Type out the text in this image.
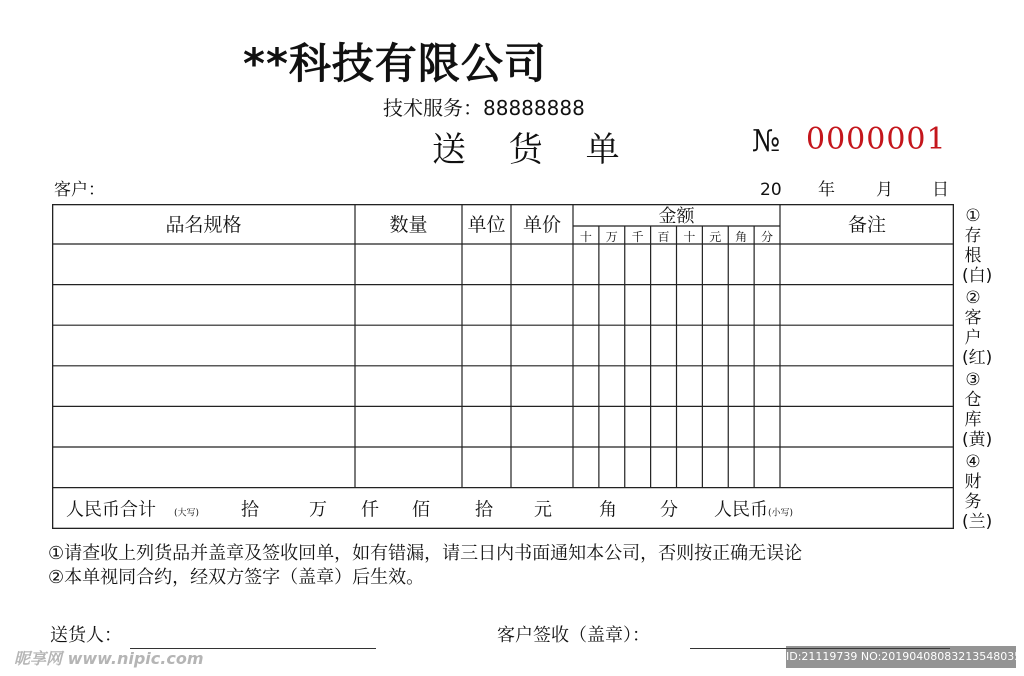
**科技有限公司
技术服务：88888888
送 货 单	№ 0000001
客户：	20 年 月 日
品名规格	数量 单位 单价	金额	备注
十 万 千 百 十 元 角 分
人民币合计 (大写) 拾	万 仟 佰	拾 元	角 分 人民币 (小写)
①存根(白)
②客户(红)
③仓库(黄)
④财务(兰)
①请查收上列货品并盖章及签收回单，如有错漏，请三日内书面通知本公司，否则按正确无误论
②本单视同合约，经双方签字（盖章）后生效。
送货人：	客户签收（盖章）：
昵享网 www.nipic.com	ID:21119739 NO:20190408083213548035
